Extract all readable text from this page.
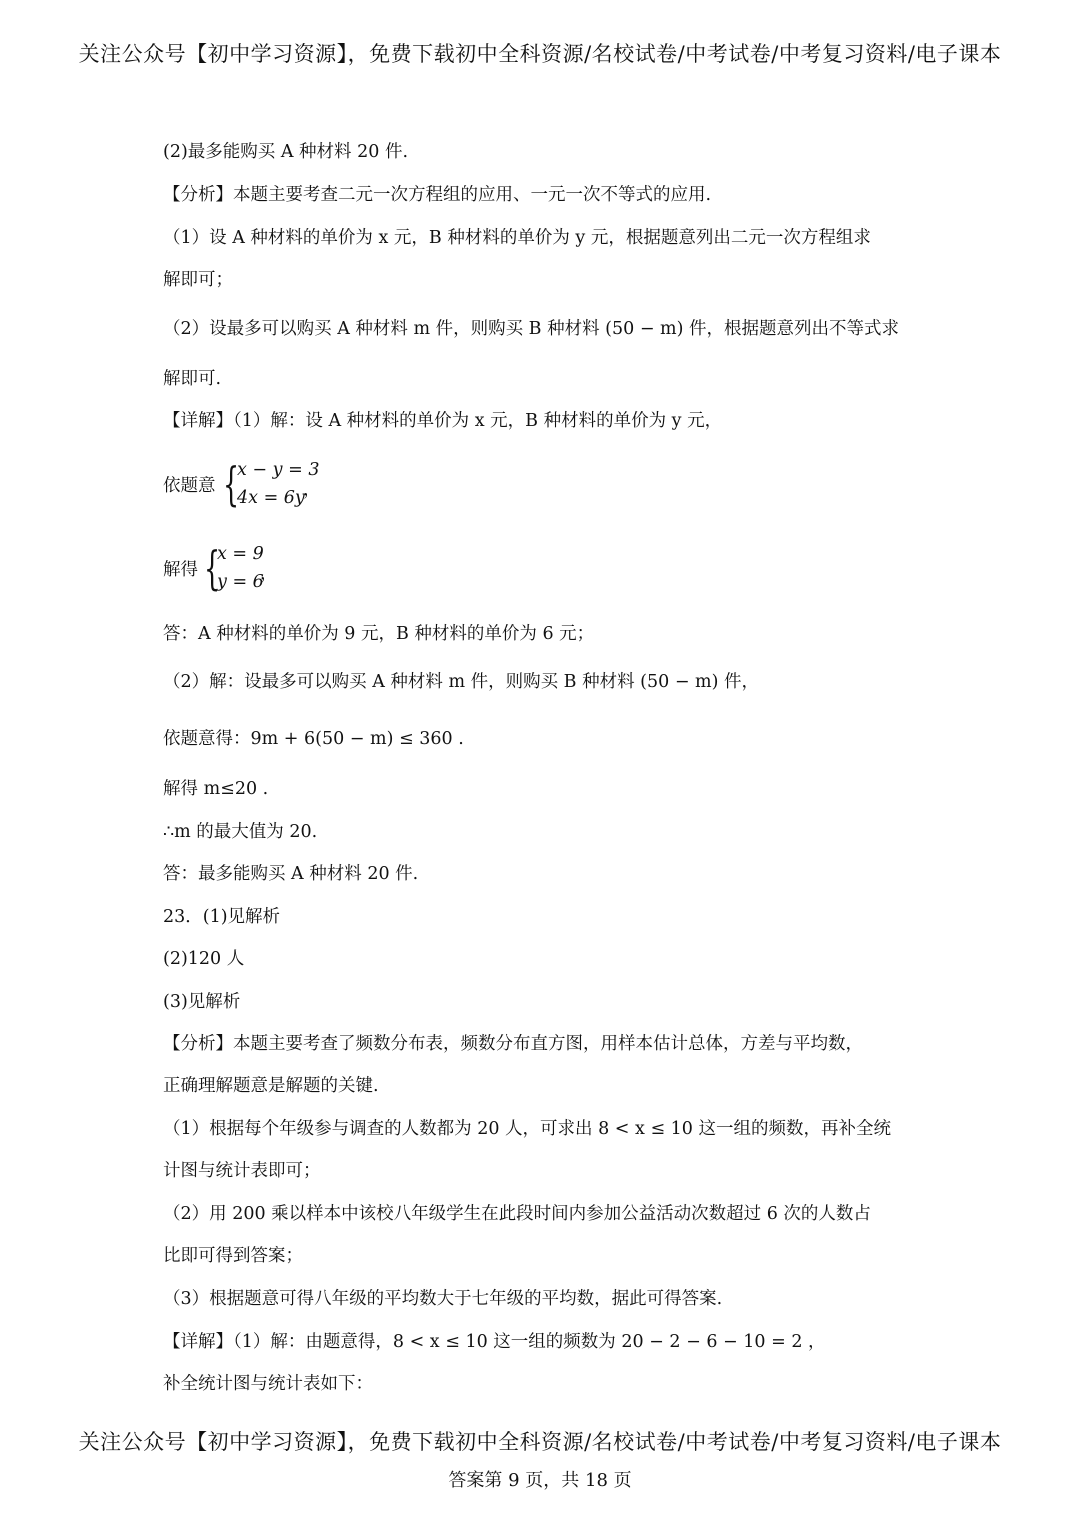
关注公众号【初中学习资源】，免费下载初中全科资源/名校试卷/中考试卷/中考复习资料/电子课本
(2)最多能购买 A 种材料 20 件.
【分析】本题主要考查二元一次方程组的应用、一元一次不等式的应用.
（1）设 A 种材料的单价为 x 元，B 种材料的单价为 y 元，根据题意列出二元一次方程组求
解即可；
（2）设最多可以购买 A 种材料 m 件，则购买 B 种材料 (50 − m) 件，根据题意列出不等式求
解即可.
【详解】（1）解：设 A 种材料的单价为 x 元，B 种材料的单价为 y 元，
依题意 {
x − y = 3
4x = 6y
，
解得 {
x = 9
y = 6
，
答：A 种材料的单价为 9 元，B 种材料的单价为 6 元；
（2）解：设最多可以购买 A 种材料 m 件，则购买 B 种材料 (50 − m) 件，
依题意得：9m + 6(50 − m) ≤ 360 .
解得 m≤20 .
∴m 的最大值为 20.
答：最多能购买 A 种材料 20 件.
23．(1)见解析
(2)120 人
(3)见解析
【分析】本题主要考查了频数分布表，频数分布直方图，用样本估计总体，方差与平均数，
正确理解题意是解题的关键.
（1）根据每个年级参与调查的人数都为 20 人，可求出 8 < x ≤ 10 这一组的频数，再补全统
计图与统计表即可；
（2）用 200 乘以样本中该校八年级学生在此段时间内参加公益活动次数超过 6 次的人数占
比即可得到答案；
（3）根据题意可得八年级的平均数大于七年级的平均数，据此可得答案.
【详解】（1）解：由题意得，8 < x ≤ 10 这一组的频数为 20 − 2 − 6 − 10 = 2 ，
补全统计图与统计表如下：
关注公众号【初中学习资源】，免费下载初中全科资源/名校试卷/中考试卷/中考复习资料/电子课本
答案第 9 页，共 18 页
